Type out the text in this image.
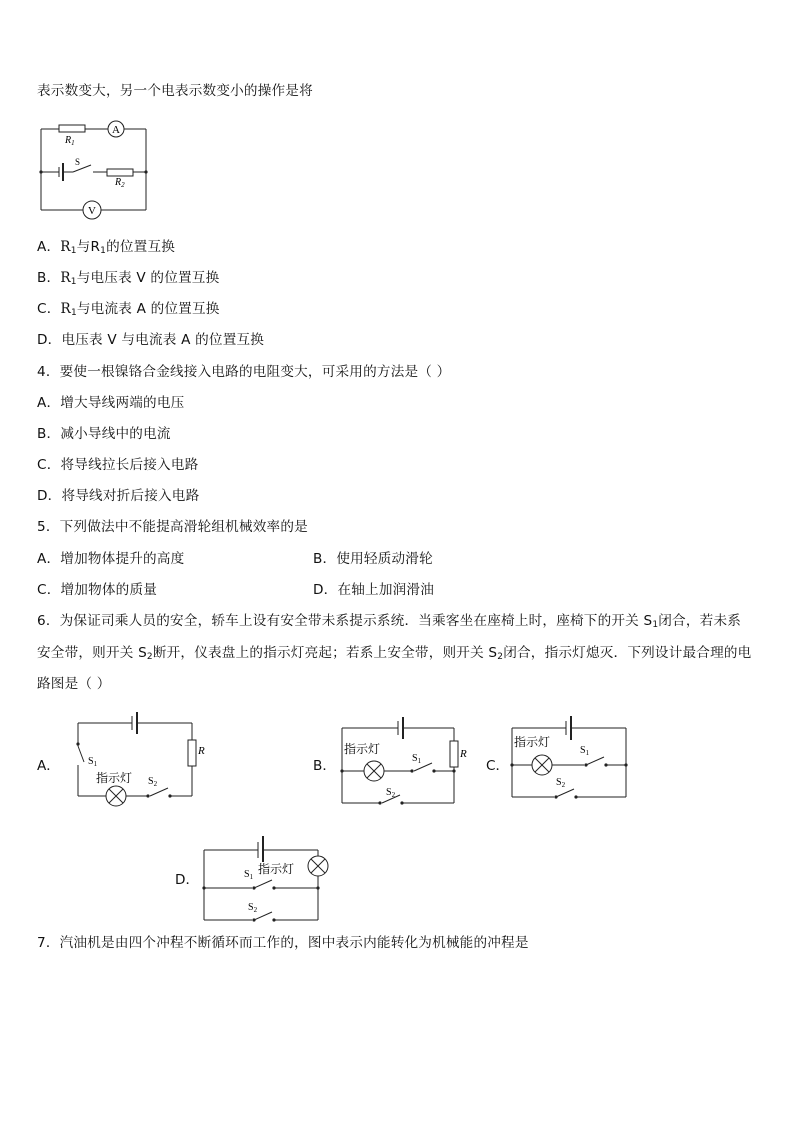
表示数变大，另一个电表示数变小的操作是将
$R_1$
A
S
$R_2$
V
A．$R_1$与$R_1$的位置互换
B．$R_1$与电压表 V 的位置互换
C．$R_1$与电流表 A 的位置互换
D．电压表 V 与电流表 A 的位置互换
4．要使一根镍铬合金线接入电路的电阻变大，可采用的方法是（ ）
A．增大导线两端的电压
B．减小导线中的电流
C．将导线拉长后接入电路
D．将导线对折后接入电路
5．下列做法中不能提高滑轮组机械效率的是
A．增加物体提升的高度	B．使用轻质动滑轮
C．增加物体的质量	D．在轴上加润滑油
6．为保证司乘人员的安全，轿车上设有安全带未系提示系统．当乘客坐在座椅上时，座椅下的开关 $S_1$闭合，若未系
安全带，则开关 $S_2$断开，仪表盘上的指示灯亮起；若系上安全带，则开关 $S_2$闭合，指示灯熄灭．下列设计最合理的电
路图是（ ）
A．	$S_1$
指示灯 $S_2$
R
B．
指示灯
$S_1$
$S_2$
R
C．
指示灯
$S_1$
$S_2$
D．
指示灯
$S_1$
$S_2$
7．汽油机是由四个冲程不断循环而工作的，图中表示内能转化为机械能的冲程是
